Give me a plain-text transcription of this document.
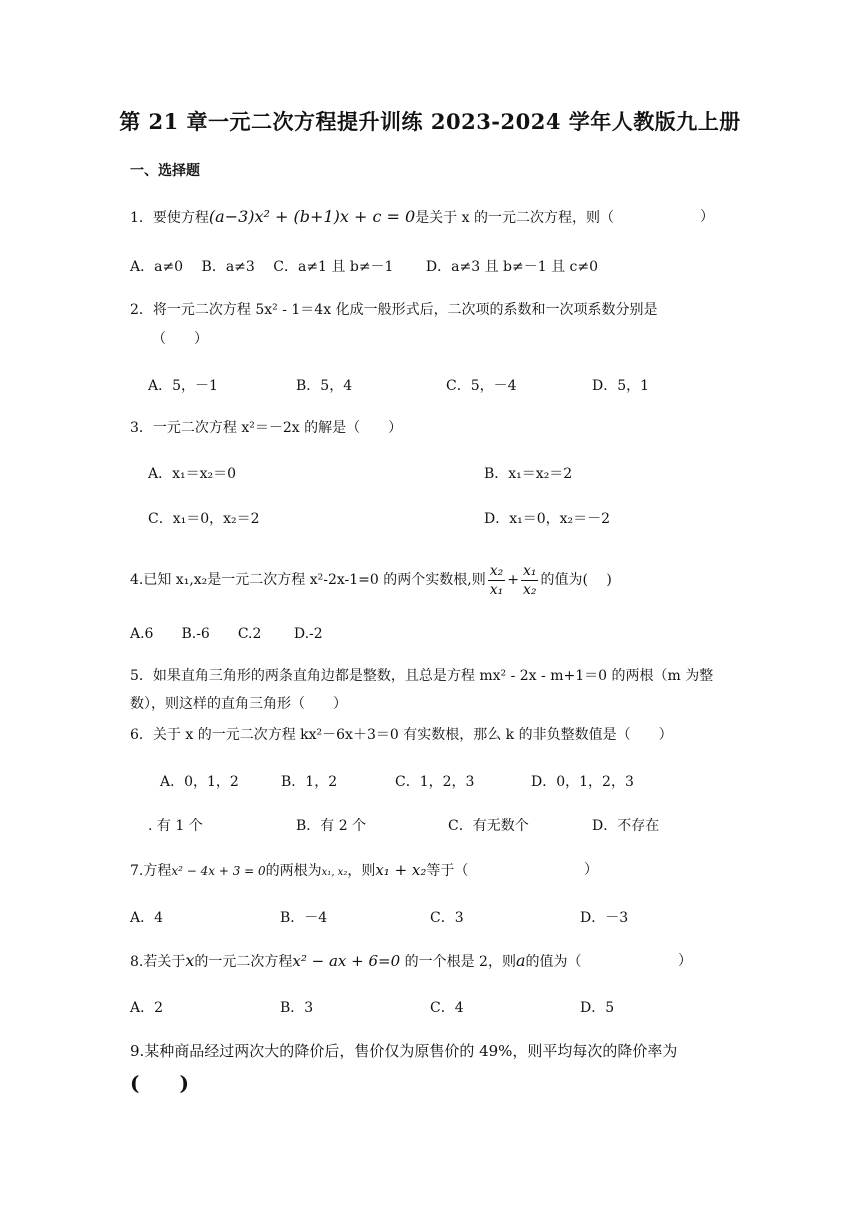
第 21 章一元二次方程提升训练 2023-2024 学年人教版九上册
一、选择题
1．要使方程(a−3)x² + (b+1)x + c = 0是关于 x 的一元二次方程，则（	）
A．a≠0　 B．a≠3　 C．a≠1 且 b≠－1　　 D．a≠3 且 b≠－1 且 c≠0
2．将一元二次方程 5x² - 1＝4x 化成一般形式后，二次项的系数和一次项系数分别是
（　　）
A．5，－1	B．5，4	C．5，－4	D．5，1
3．一元二次方程 x²＝－2x 的解是（　　）
A．x₁＝x₂＝0	B．x₁＝x₂＝2
C．x₁＝0，x₂＝2	D．x₁＝0，x₂＝－2
4.已知 x₁,x₂是一元二次方程 x²-2x-1=0 的两个实数根,则 $\frac{\text{x₂}}{\text{x₁}} + \frac{\text{x₁}}{\text{x₂}}$ 的值为(　 )
A.6　　B.-6　　C.2　　 D.-2
5．如果直角三角形的两条直角边都是整数，且总是方程 mx² - 2x - m+1＝0 的两根（m 为整
数），则这样的直角三角形（　　）
6．关于 x 的一元二次方程 kx²－6x＋3＝0 有实数根，那么 k 的非负整数值是（　　）
A．0，1，2	B．1，2	C．1，2，3	D．0，1，2，3
. 有 1 个	B．有 2 个	C．有无数个	D．不存在
7.方程x² − 4x + 3 = 0的两根为x₁, x₂，则x₁ + x₂等于（	）
A．4	B．－4	C．3	D．－3
8.若关于x的一元二次方程x² − ax + 6=0 的一个根是 2，则a的值为（	）
A．2	B．3	C．4	D．5
9.某种商品经过两次大的降价后，售价仅为原售价的 49%，则平均每次的降价率为
(　　)
